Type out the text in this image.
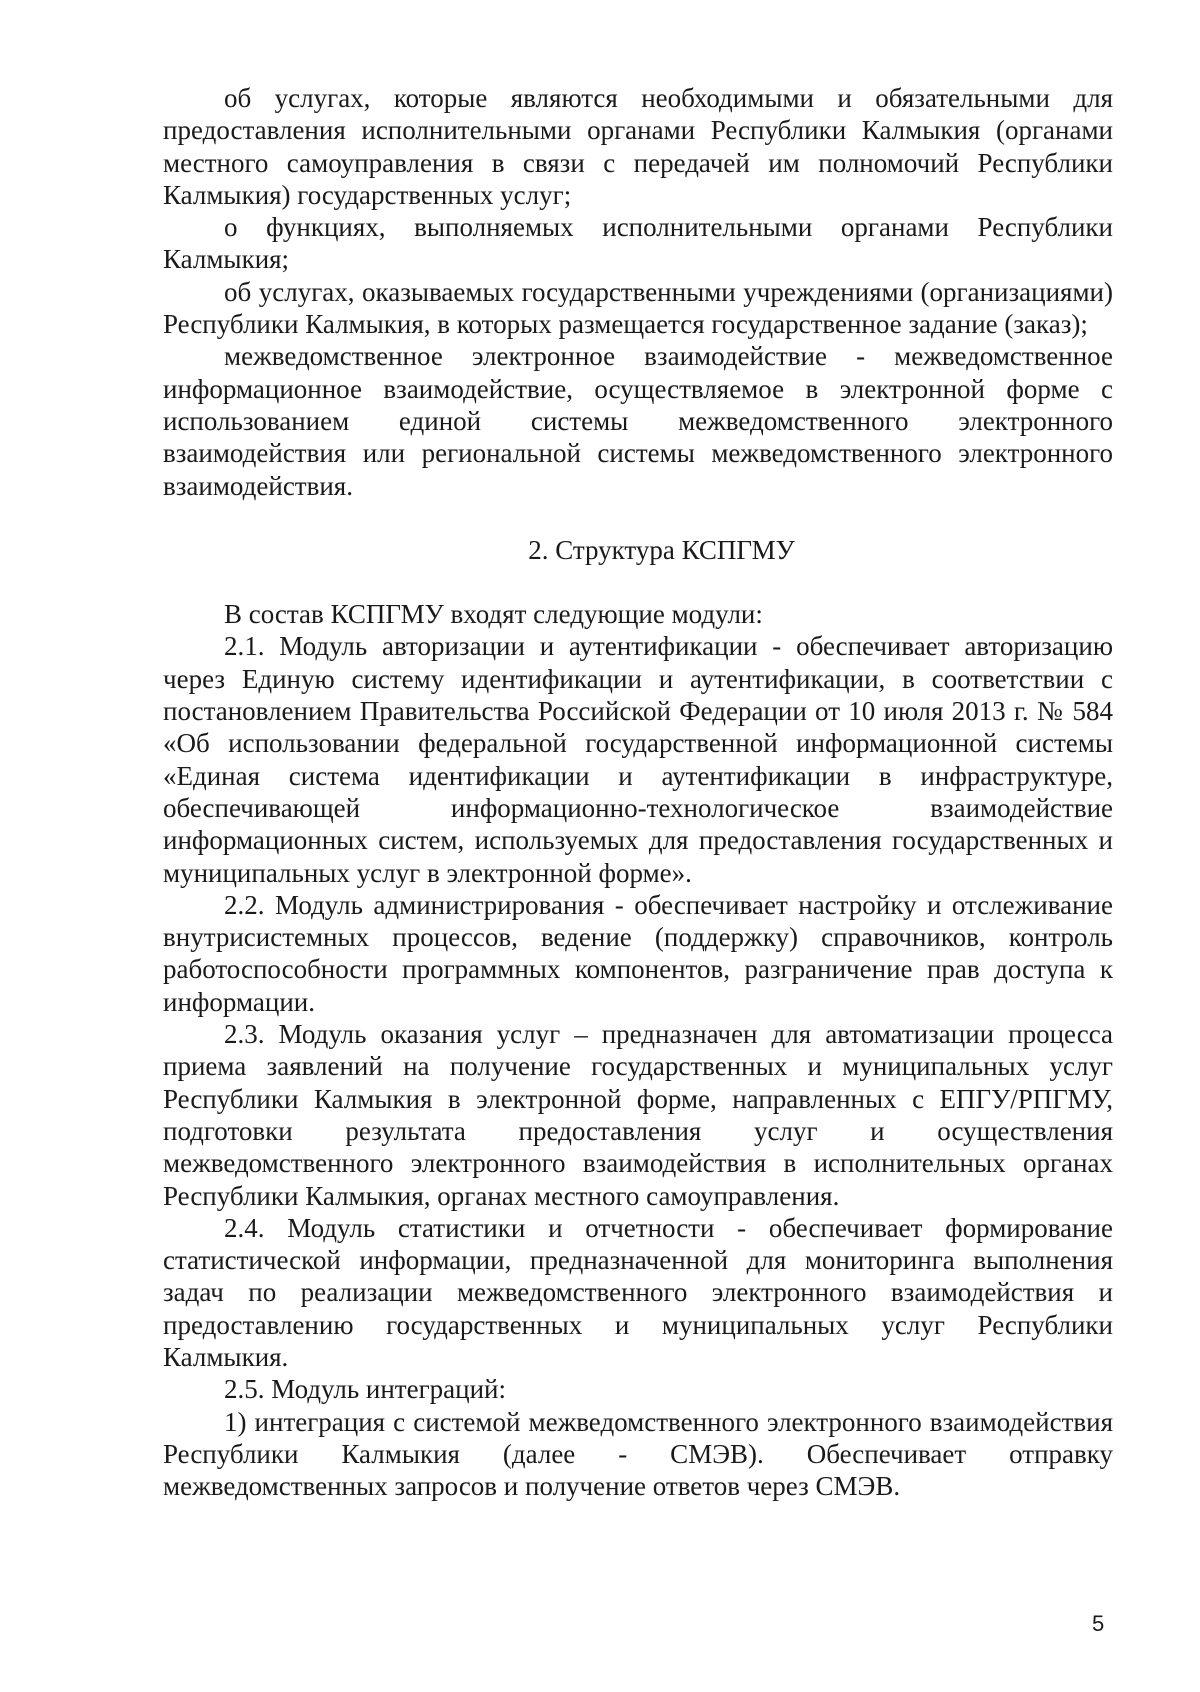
об услугах, которые являются необходимыми и обязательными для предоставления исполнительными органами Республики Калмыкия (органами местного самоуправления в связи с передачей им полномочий Республики Калмыкия) государственных услуг;

о функциях, выполняемых исполнительными органами Республики Калмыкия;

об услугах, оказываемых государственными учреждениями (организациями) Республики Калмыкия, в которых размещается государственное задание (заказ);

межведомственное электронное взаимодействие - межведомственное информационное взаимодействие, осуществляемое в электронной форме с использованием единой системы межведомственного электронного взаимодействия или региональной системы межведомственного электронного взаимодействия.

2. Структура КСПГМУ

В состав КСПГМУ входят следующие модули:

2.1. Модуль авторизации и аутентификации - обеспечивает авторизацию через Единую систему идентификации и аутентификации, в соответствии с постановлением Правительства Российской Федерации от 10 июля 2013 г. № 584 «Об использовании федеральной государственной информационной системы «Единая система идентификации и аутентификации в инфраструктуре, обеспечивающей информационно-технологическое взаимодействие информационных систем, используемых для предоставления государственных и муниципальных услуг в электронной форме».

2.2. Модуль администрирования - обеспечивает настройку и отслеживание внутрисистемных процессов, ведение (поддержку) справочников, контроль работоспособности программных компонентов, разграничение прав доступа к информации.

2.3. Модуль оказания услуг – предназначен для автоматизации процесса приема заявлений на получение государственных и муниципальных услуг Республики Калмыкия в электронной форме, направленных с ЕПГУ/РПГМУ, подготовки результата предоставления услуг и осуществления межведомственного электронного взаимодействия в исполнительных органах Республики Калмыкия, органах местного самоуправления.

2.4. Модуль статистики и отчетности - обеспечивает формирование статистической информации, предназначенной для мониторинга выполнения задач по реализации межведомственного электронного взаимодействия и предоставлению государственных и муниципальных услуг Республики Калмыкия.

2.5. Модуль интеграций:

1) интеграция с системой межведомственного электронного взаимодействия Республики Калмыкия (далее - СМЭВ). Обеспечивает отправку межведомственных запросов и получение ответов через СМЭВ.

5
